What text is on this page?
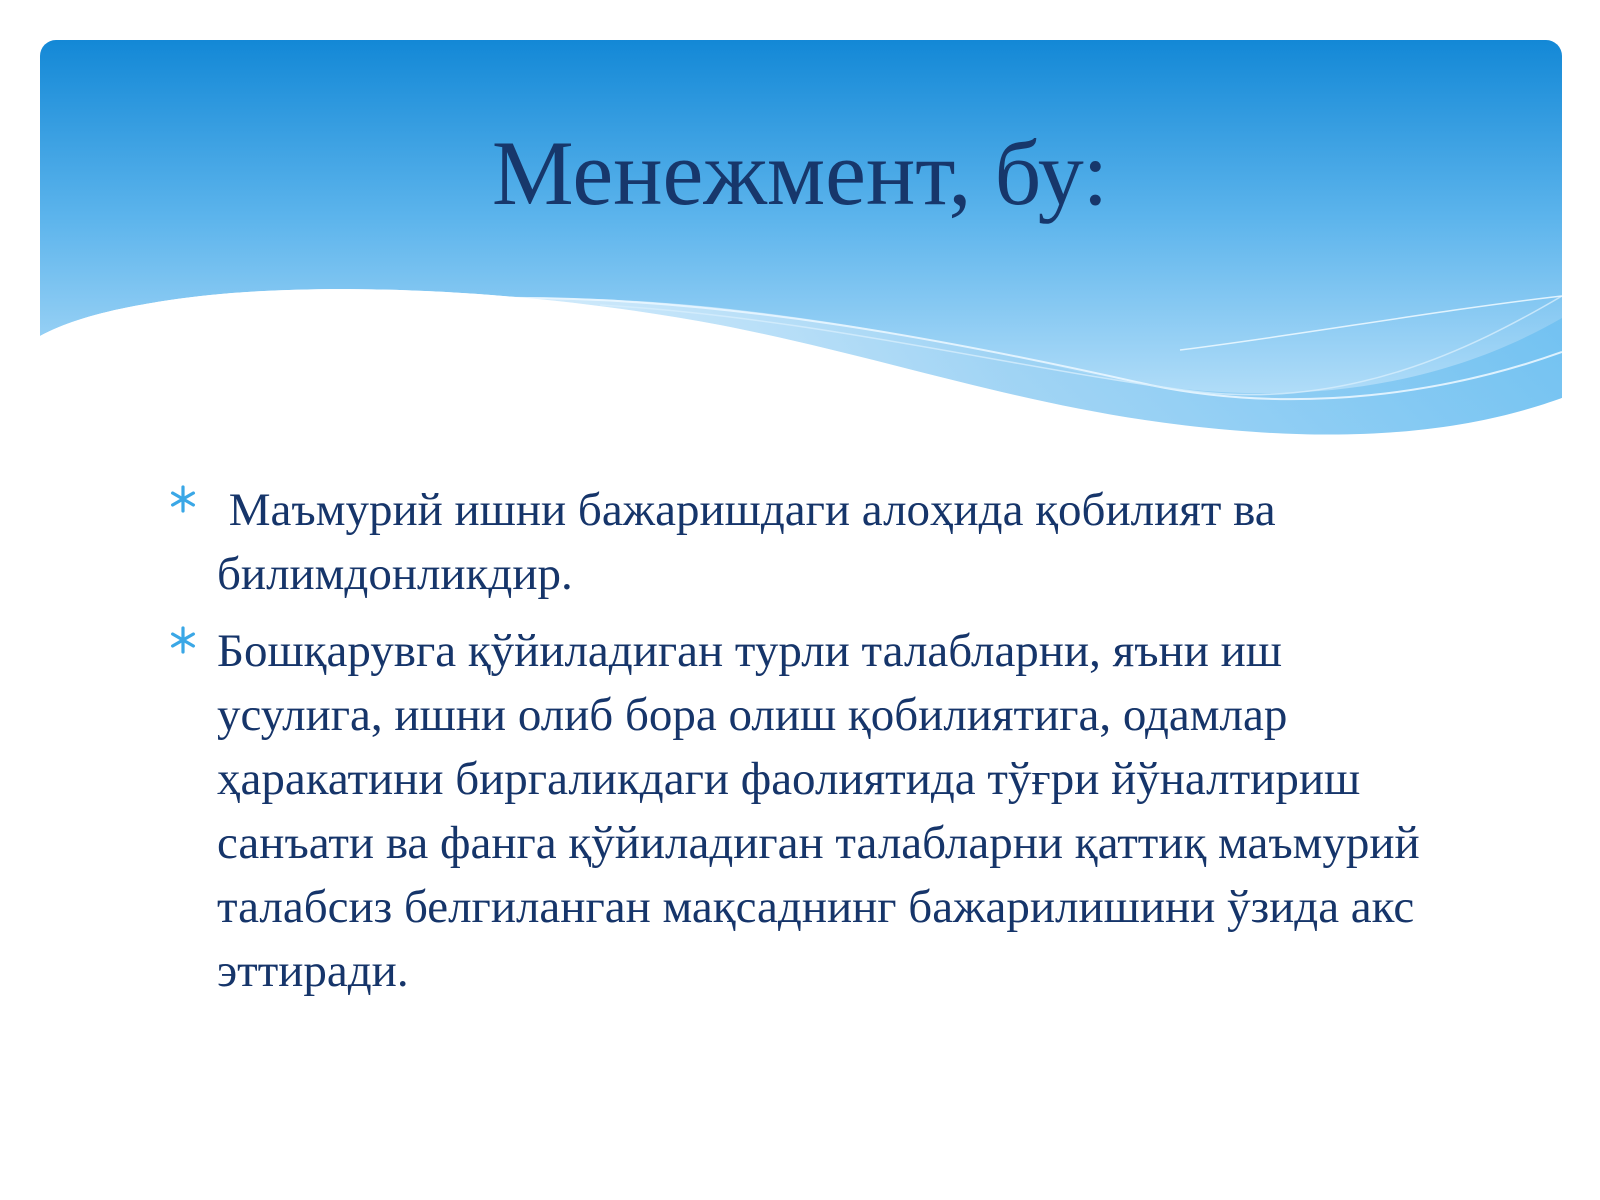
Менежмент, бу:
Маъмурий ишни бажаришдаги алоҳида қобилият ва билимдонликдир.
Бошқарувга қўйиладиган турли талабларни, яъни иш усулига, ишни олиб бора олиш қобилиятига, одамлар ҳаракатини биргаликдаги фаолиятида тўғри йўналтириш санъати ва фанга қўйиладиган талабларни қаттиқ маъмурий талабсиз белгиланган мақсаднинг бажарилишини ўзида акс эттиради.
